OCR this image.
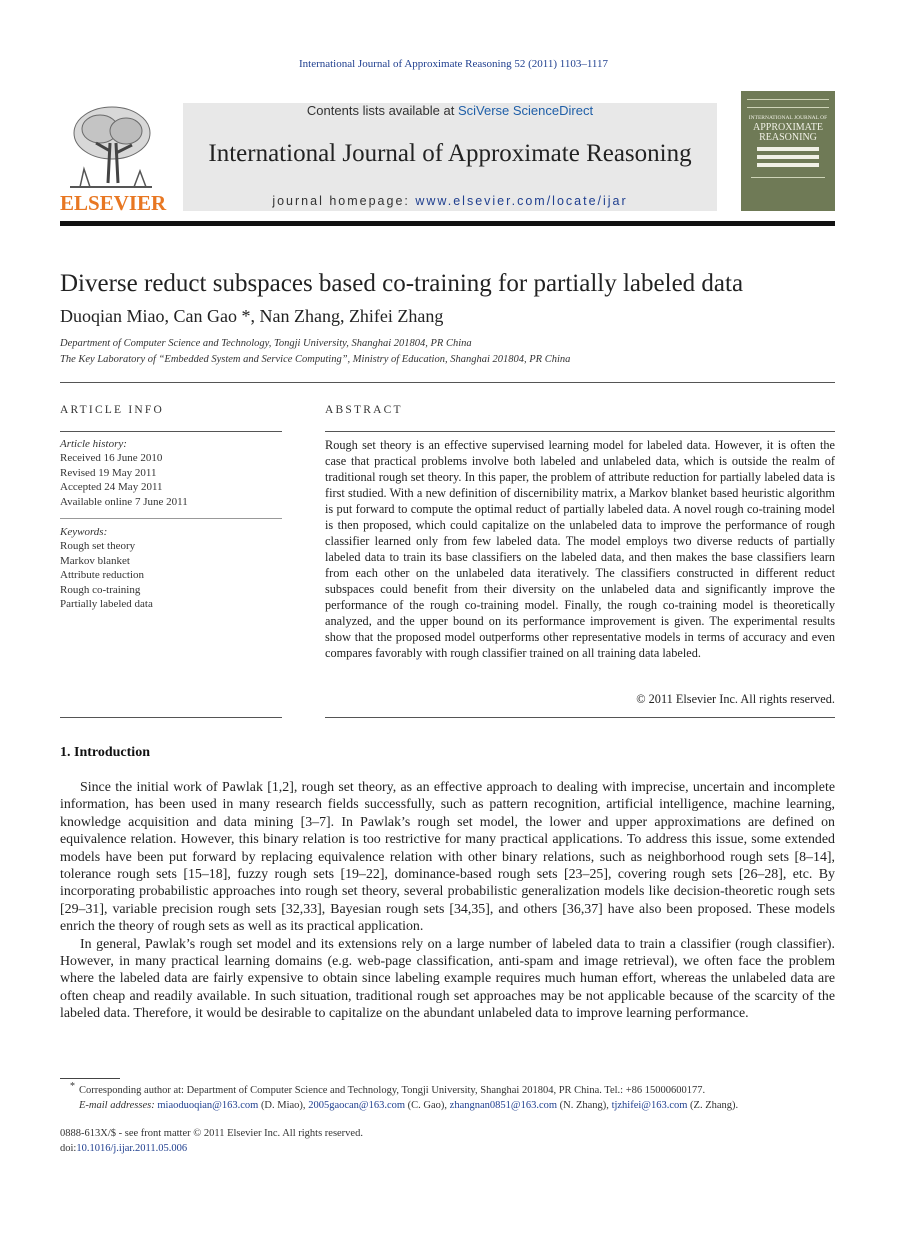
International Journal of Approximate Reasoning 52 (2011) 1103–1117
Contents lists available at SciVerse ScienceDirect
International Journal of Approximate Reasoning
journal homepage: www.elsevier.com/locate/ijar
ELSEVIER
INTERNATIONAL JOURNAL OF
APPROXIMATE
REASONING
Diverse reduct subspaces based co-training for partially labeled data
Duoqian Miao, Can Gao *, Nan Zhang, Zhifei Zhang
Department of Computer Science and Technology, Tongji University, Shanghai 201804, PR China
The Key Laboratory of “Embedded System and Service Computing”, Ministry of Education, Shanghai 201804, PR China
ARTICLE INFO
Article history:
Received 16 June 2010
Revised 19 May 2011
Accepted 24 May 2011
Available online 7 June 2011
Keywords:
Rough set theory
Markov blanket
Attribute reduction
Rough co-training
Partially labeled data
ABSTRACT
Rough set theory is an effective supervised learning model for labeled data. However, it is often the case that practical problems involve both labeled and unlabeled data, which is outside the realm of traditional rough set theory. In this paper, the problem of attribute reduction for partially labeled data is first studied. With a new definition of discernibility matrix, a Markov blanket based heuristic algorithm is put forward to compute the optimal reduct of partially labeled data. A novel rough co-training model is then proposed, which could capitalize on the unlabeled data to improve the performance of rough classifier learned only from few labeled data. The model employs two diverse reducts of partially labeled data to train its base classifiers on the labeled data, and then makes the base classifiers learn from each other on the unlabeled data iteratively. The classifiers constructed in different reduct subspaces could benefit from their diversity on the unlabeled data and significantly improve the performance of the rough co-training model. Finally, the rough co-training model is theoretically analyzed, and the upper bound on its performance improvement is given. The experimental results show that the proposed model outperforms other representative models in terms of accuracy and even compares favorably with rough classifier trained on all training data labeled.
© 2011 Elsevier Inc. All rights reserved.
1. Introduction

Since the initial work of Pawlak [1,2], rough set theory, as an effective approach to dealing with imprecise, uncertain and incomplete information, has been used in many research fields successfully, such as pattern recognition, artificial intelligence, machine learning, knowledge acquisition and data mining [3–7]. In Pawlak’s rough set model, the lower and upper approximations are defined on equivalence relation. However, this binary relation is too restrictive for many practical applications. To address this issue, some extended models have been put forward by replacing equivalence relation with other binary relations, such as neighborhood rough sets [8–14], tolerance rough sets [15–18], fuzzy rough sets [19–22], dominance-based rough sets [23–25], covering rough sets [26–28], etc. By incorporating probabilistic approaches into rough set theory, several probabilistic generalization models like decision-theoretic rough sets [29–31], variable precision rough sets [32,33], Bayesian rough sets [34,35], and others [36,37] have also been proposed. These models enrich the theory of rough sets as well as its practical application.

In general, Pawlak’s rough set model and its extensions rely on a large number of labeled data to train a classifier (rough classifier). However, in many practical learning domains (e.g. web-page classification, anti-spam and image retrieval), we often face the problem where the labeled data are fairly expensive to obtain since labeling example requires much human effort, whereas the unlabeled data are often cheap and readily available. In such situation, traditional rough set approaches may be not applicable because of the scarcity of the labeled data. Therefore, it would be desirable to capitalize on the abundant unlabeled data to improve learning performance.

* Corresponding author at: Department of Computer Science and Technology, Tongji University, Shanghai 201804, PR China. Tel.: +86 15000600177.
E-mail addresses: miaoduoqian@163.com (D. Miao), 2005gaocan@163.com (C. Gao), zhangnan0851@163.com (N. Zhang), tjzhifei@163.com (Z. Zhang).
0888-613X/$ - see front matter © 2011 Elsevier Inc. All rights reserved.
doi:10.1016/j.ijar.2011.05.006
